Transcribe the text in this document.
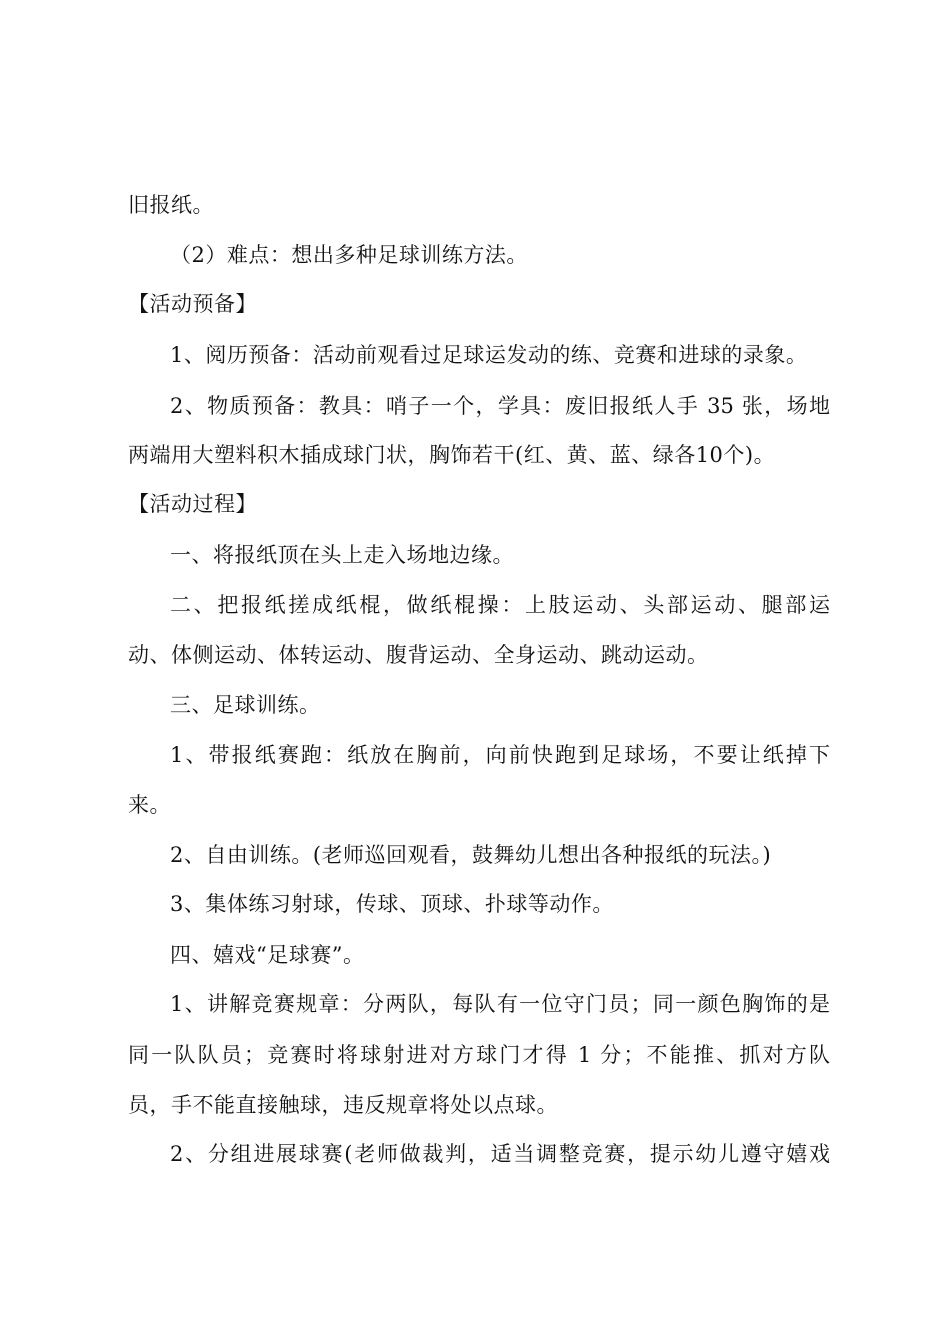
旧报纸。
（2）难点：想出多种足球训练方法。
【活动预备】
1、阅历预备：活动前观看过足球运发动的练、竞赛和进球的录象。
2、物质预备：教具：哨子一个，学具：废旧报纸人手 35 张，场地
两端用大塑料积木插成球门状，胸饰若干(红、黄、蓝、绿各10个)。
【活动过程】
一、将报纸顶在头上走入场地边缘。
二、把报纸搓成纸棍，做纸棍操：上肢运动、头部运动、腿部运
动、体侧运动、体转运动、腹背运动、全身运动、跳动运动。
三、足球训练。
1、带报纸赛跑：纸放在胸前，向前快跑到足球场，不要让纸掉下
来。
2、自由训练。(老师巡回观看，鼓舞幼儿想出各种报纸的玩法。)
3、集体练习射球，传球、顶球、扑球等动作。
四、嬉戏“足球赛”。
1、讲解竞赛规章：分两队，每队有一位守门员；同一颜色胸饰的是
同一队队员；竞赛时将球射进对方球门才得 1 分；不能推、抓对方队
员，手不能直接触球，违反规章将处以点球。
2、分组进展球赛(老师做裁判，适当调整竞赛，提示幼儿遵守嬉戏
